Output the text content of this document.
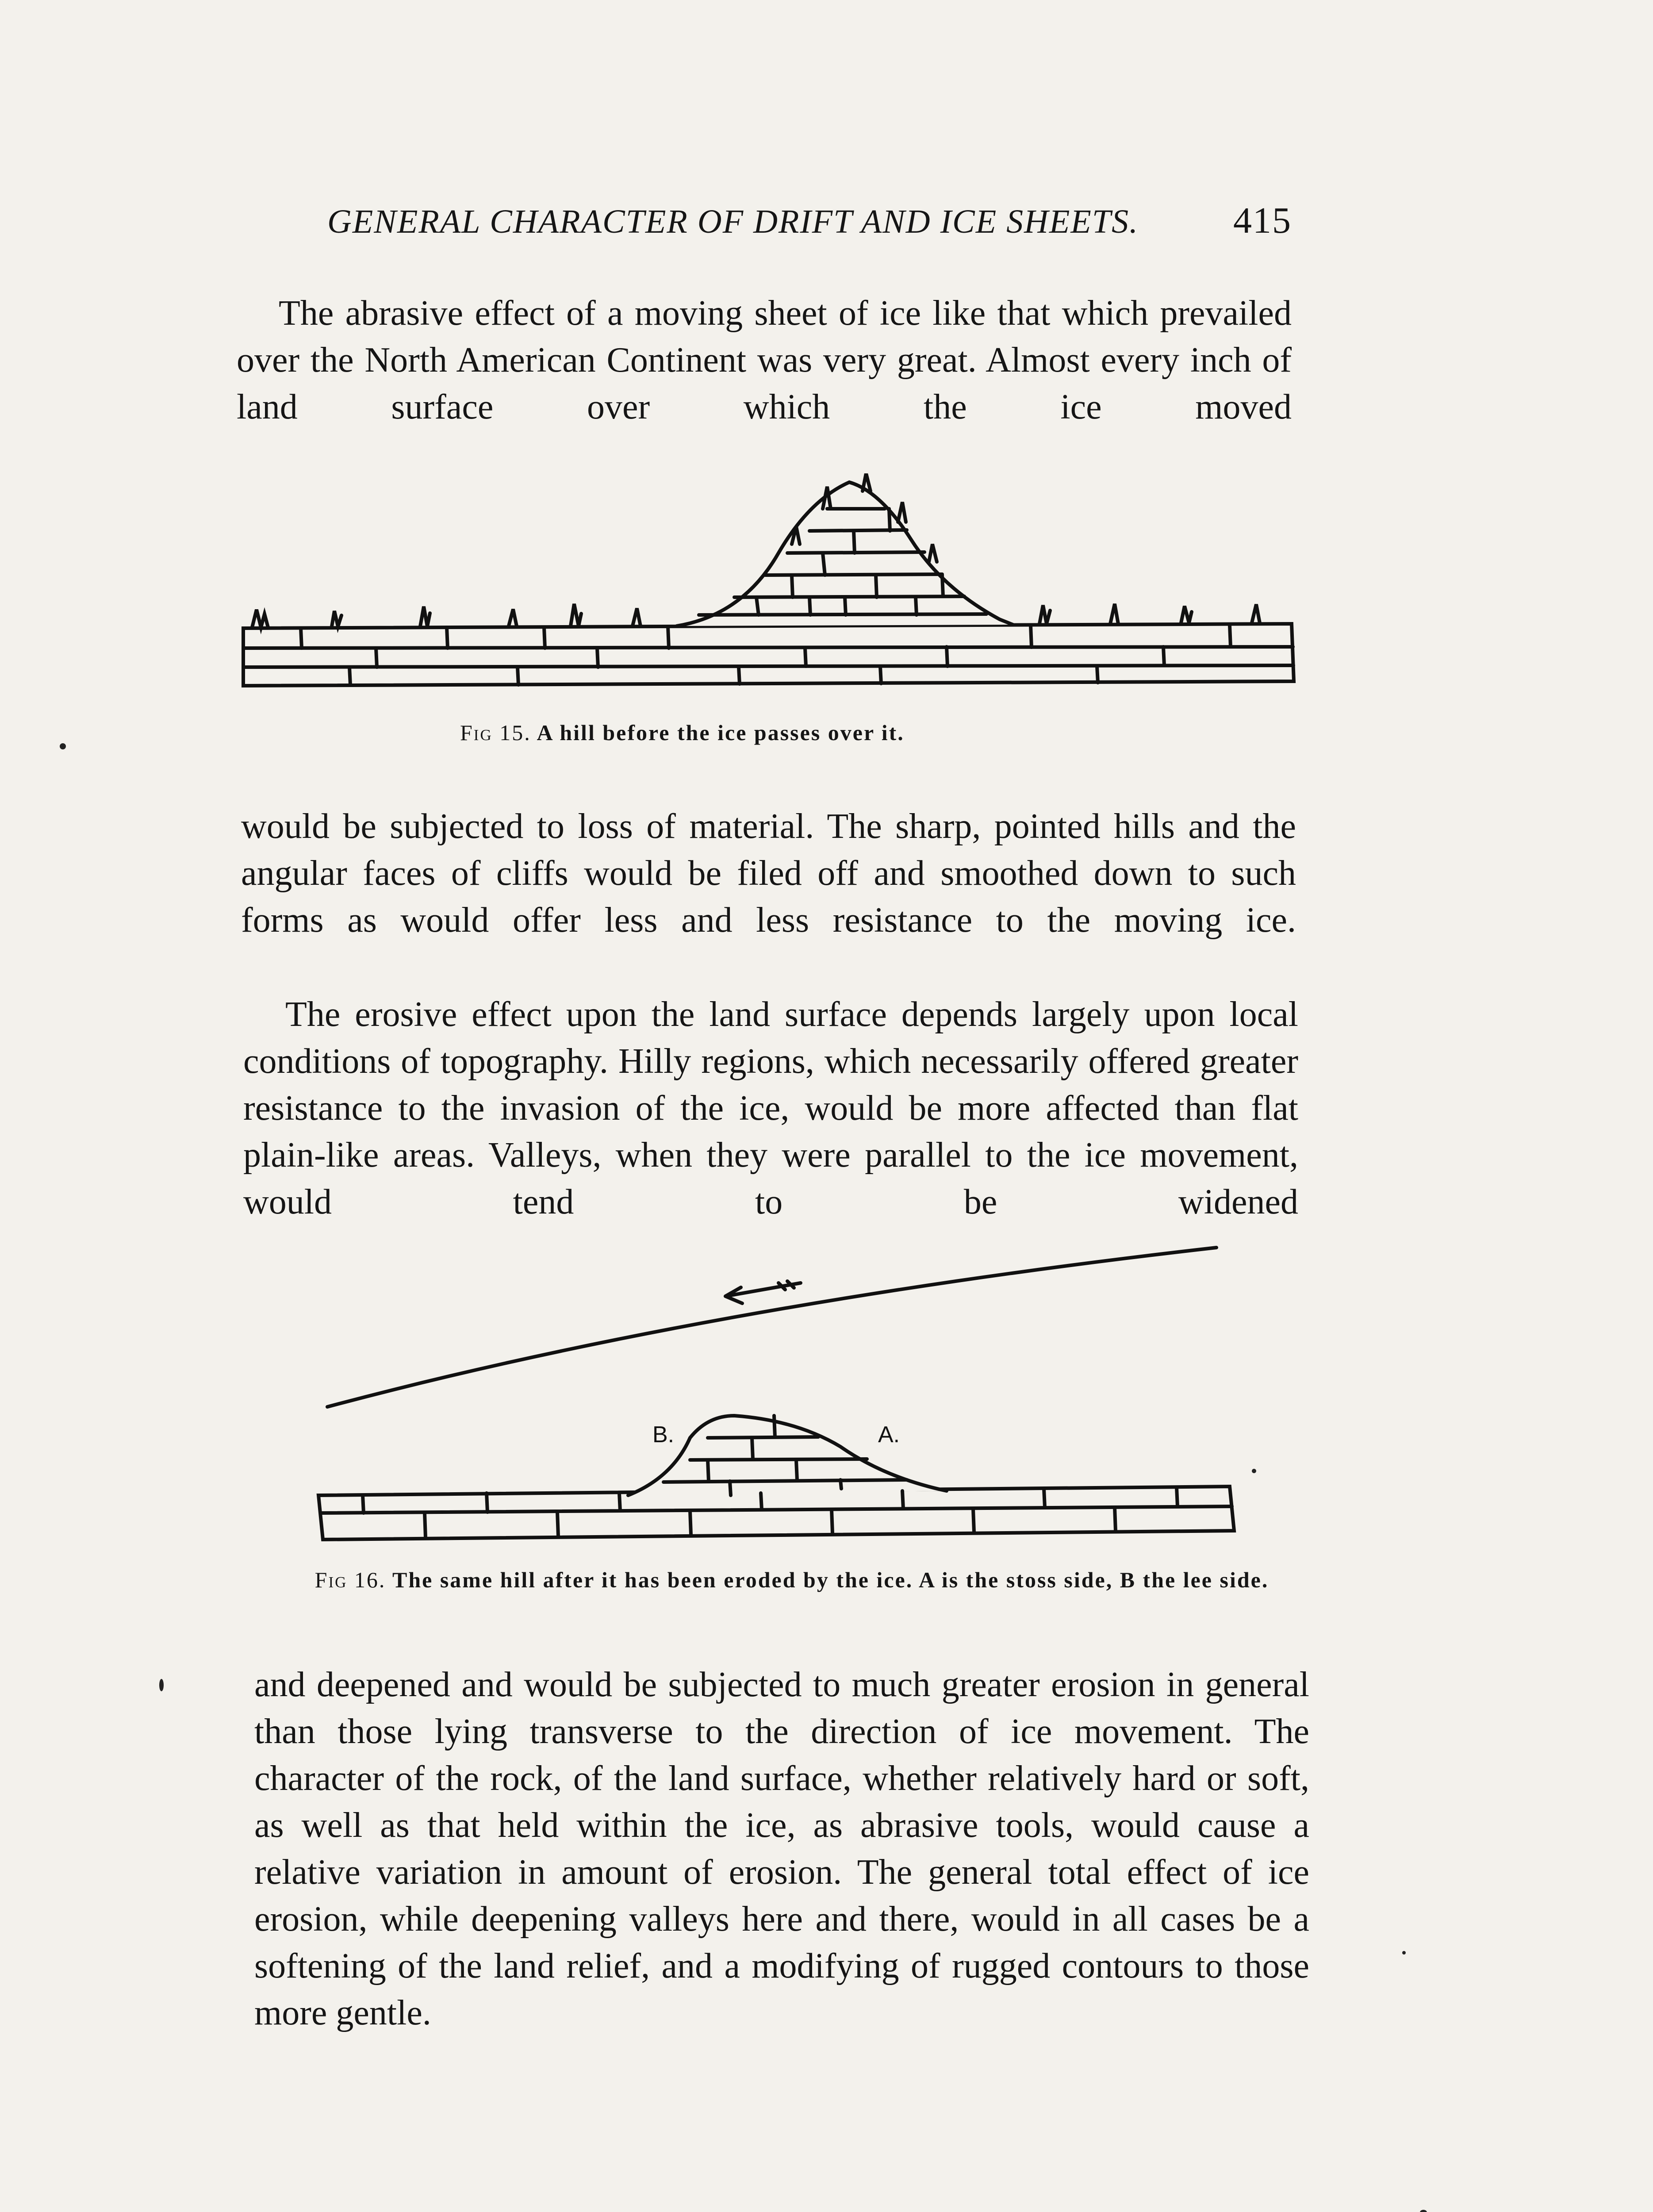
GENERAL CHARACTER OF DRIFT AND ICE SHEETS.	415

The abrasive effect of a moving sheet of ice like that which prevailed over the North American Continent was very great. Almost every inch of land surface over which the ice moved

Fig 15. A hill before the ice passes over it.

would be subjected to loss of material. The sharp, pointed hills and the angular faces of cliffs would be filed off and smoothed down to such forms as would offer less and less resistance to the moving ice.

The erosive effect upon the land surface depends largely upon local conditions of topography. Hilly regions, which necessarily offered greater resistance to the invasion of the ice, would be more affected than flat plain-like areas. Valleys, when they were parallel to the ice movement, would tend to be widened

B.	A.
Fig 16. The same hill after it has been eroded by the ice. A is the stoss side, B the lee side.

and deepened and would be subjected to much greater erosion in general than those lying transverse to the direction of ice movement. The character of the rock, of the land surface, whether relatively hard or soft, as well as that held within the ice, as abrasive tools, would cause a relative variation in amount of erosion. The general total effect of ice erosion, while deepening valleys here and there, would in all cases be a softening of the land relief, and a modifying of rugged contours to those more gentle.
